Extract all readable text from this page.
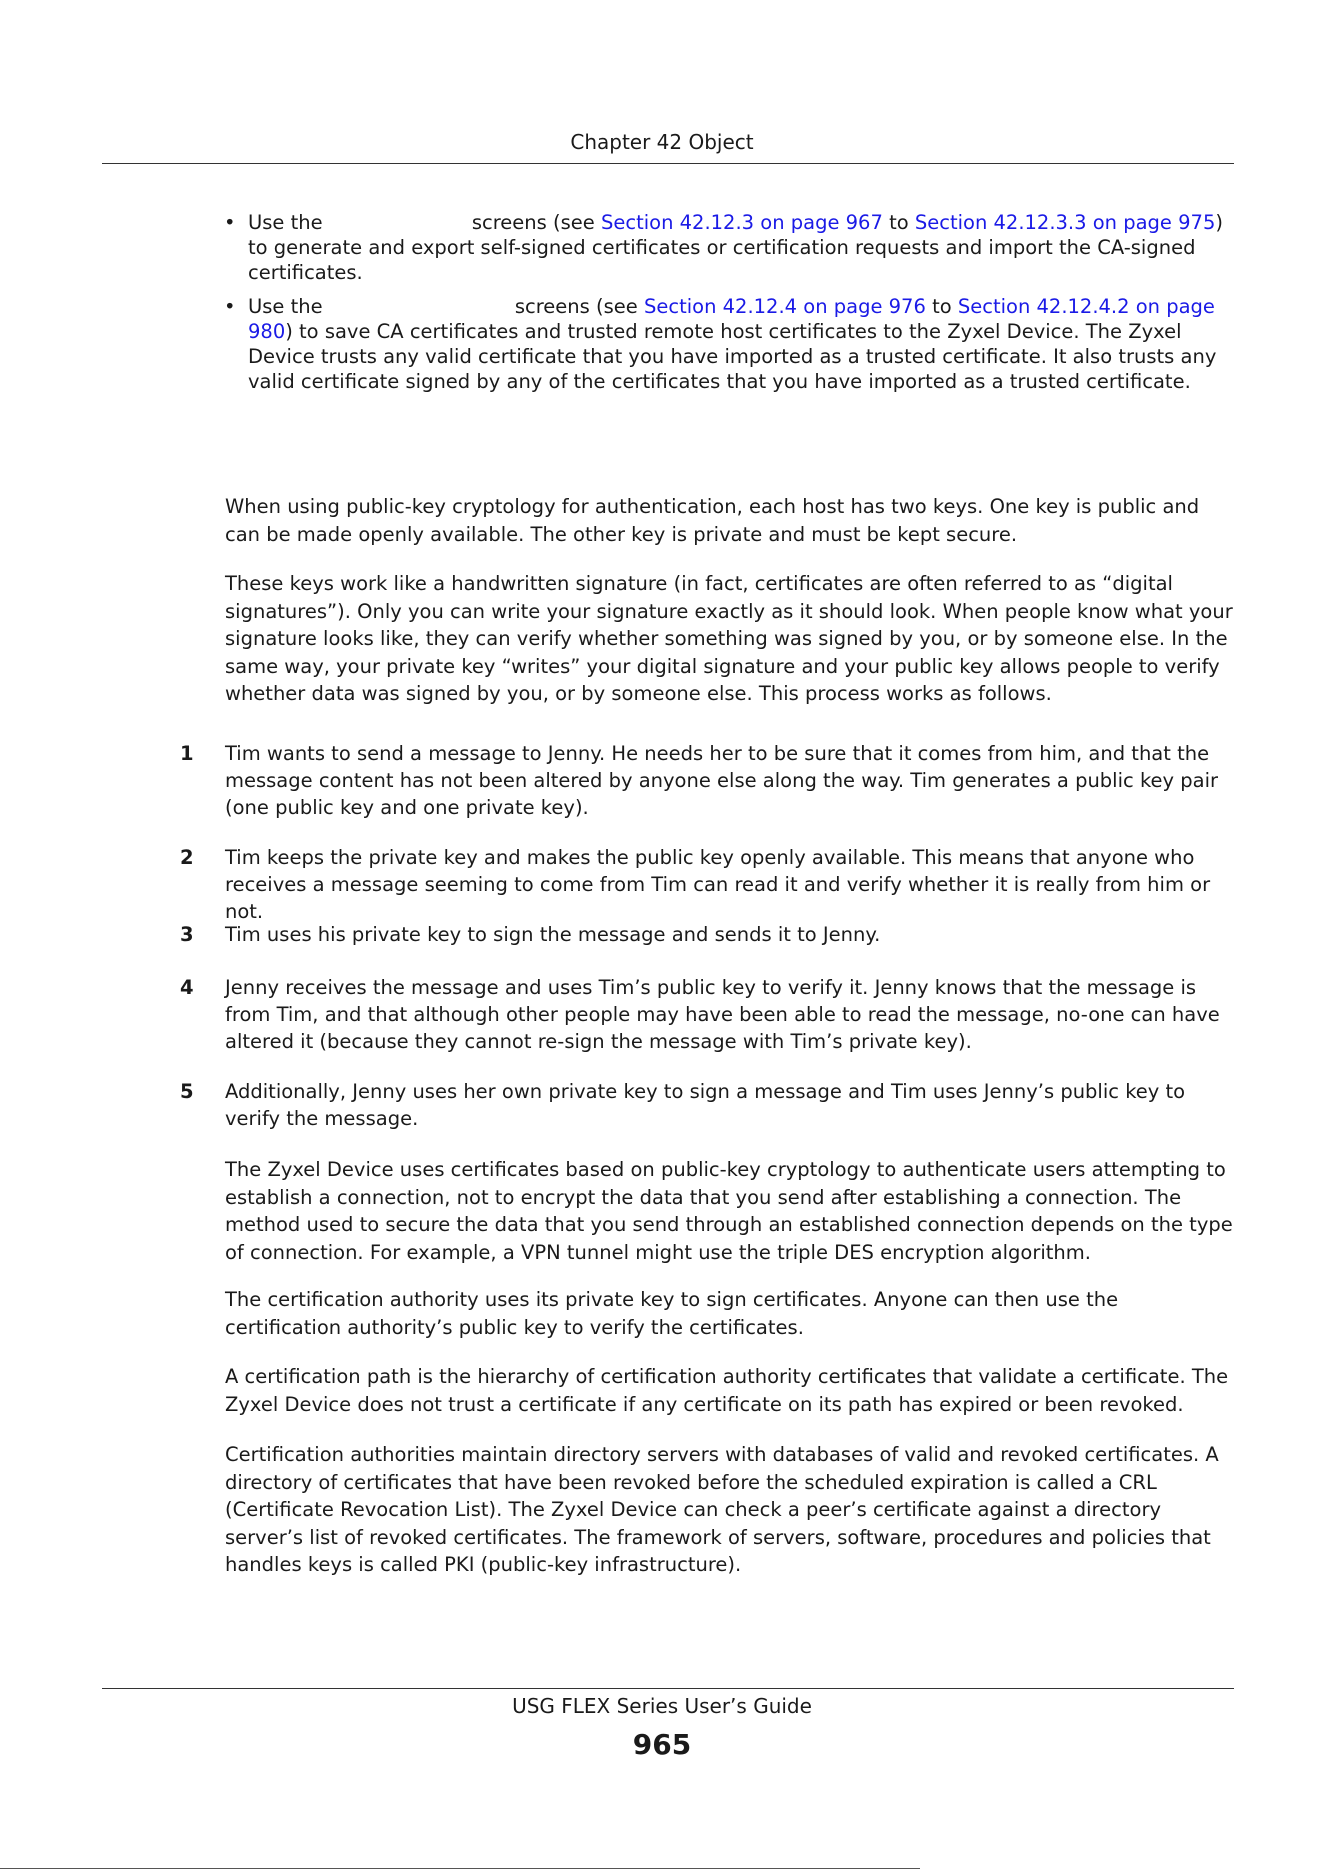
Chapter 42 Object
• Use the	screens (see Section 42.12.3 on page 967 to Section 42.12.3.3 on page 975) to generate and export self-signed certificates or certification requests and import the CA-signed certificates.
• Use the	screens (see Section 42.12.4 on page 976 to Section 42.12.4.2 on page 980) to save CA certificates and trusted remote host certificates to the Zyxel Device. The Zyxel Device trusts any valid certificate that you have imported as a trusted certificate. It also trusts any valid certificate signed by any of the certificates that you have imported as a trusted certificate.

When using public-key cryptology for authentication, each host has two keys. One key is public and can be made openly available. The other key is private and must be kept secure.

These keys work like a handwritten signature (in fact, certificates are often referred to as “digital signatures”). Only you can write your signature exactly as it should look. When people know what your signature looks like, they can verify whether something was signed by you, or by someone else. In the same way, your private key “writes” your digital signature and your public key allows people to verify whether data was signed by you, or by someone else. This process works as follows.

1 Tim wants to send a message to Jenny. He needs her to be sure that it comes from him, and that the message content has not been altered by anyone else along the way. Tim generates a public key pair (one public key and one private key).
2 Tim keeps the private key and makes the public key openly available. This means that anyone who receives a message seeming to come from Tim can read it and verify whether it is really from him or not.
3 Tim uses his private key to sign the message and sends it to Jenny.
4 Jenny receives the message and uses Tim’s public key to verify it. Jenny knows that the message is from Tim, and that although other people may have been able to read the message, no-one can have altered it (because they cannot re-sign the message with Tim’s private key).
5 Additionally, Jenny uses her own private key to sign a message and Tim uses Jenny’s public key to verify the message.

The Zyxel Device uses certificates based on public-key cryptology to authenticate users attempting to establish a connection, not to encrypt the data that you send after establishing a connection. The method used to secure the data that you send through an established connection depends on the type of connection. For example, a VPN tunnel might use the triple DES encryption algorithm.

The certification authority uses its private key to sign certificates. Anyone can then use the certification authority’s public key to verify the certificates.

A certification path is the hierarchy of certification authority certificates that validate a certificate. The Zyxel Device does not trust a certificate if any certificate on its path has expired or been revoked.

Certification authorities maintain directory servers with databases of valid and revoked certificates. A directory of certificates that have been revoked before the scheduled expiration is called a CRL (Certificate Revocation List). The Zyxel Device can check a peer’s certificate against a directory server’s list of revoked certificates. The framework of servers, software, procedures and policies that handles keys is called PKI (public-key infrastructure).

USG FLEX Series User’s Guide
965
